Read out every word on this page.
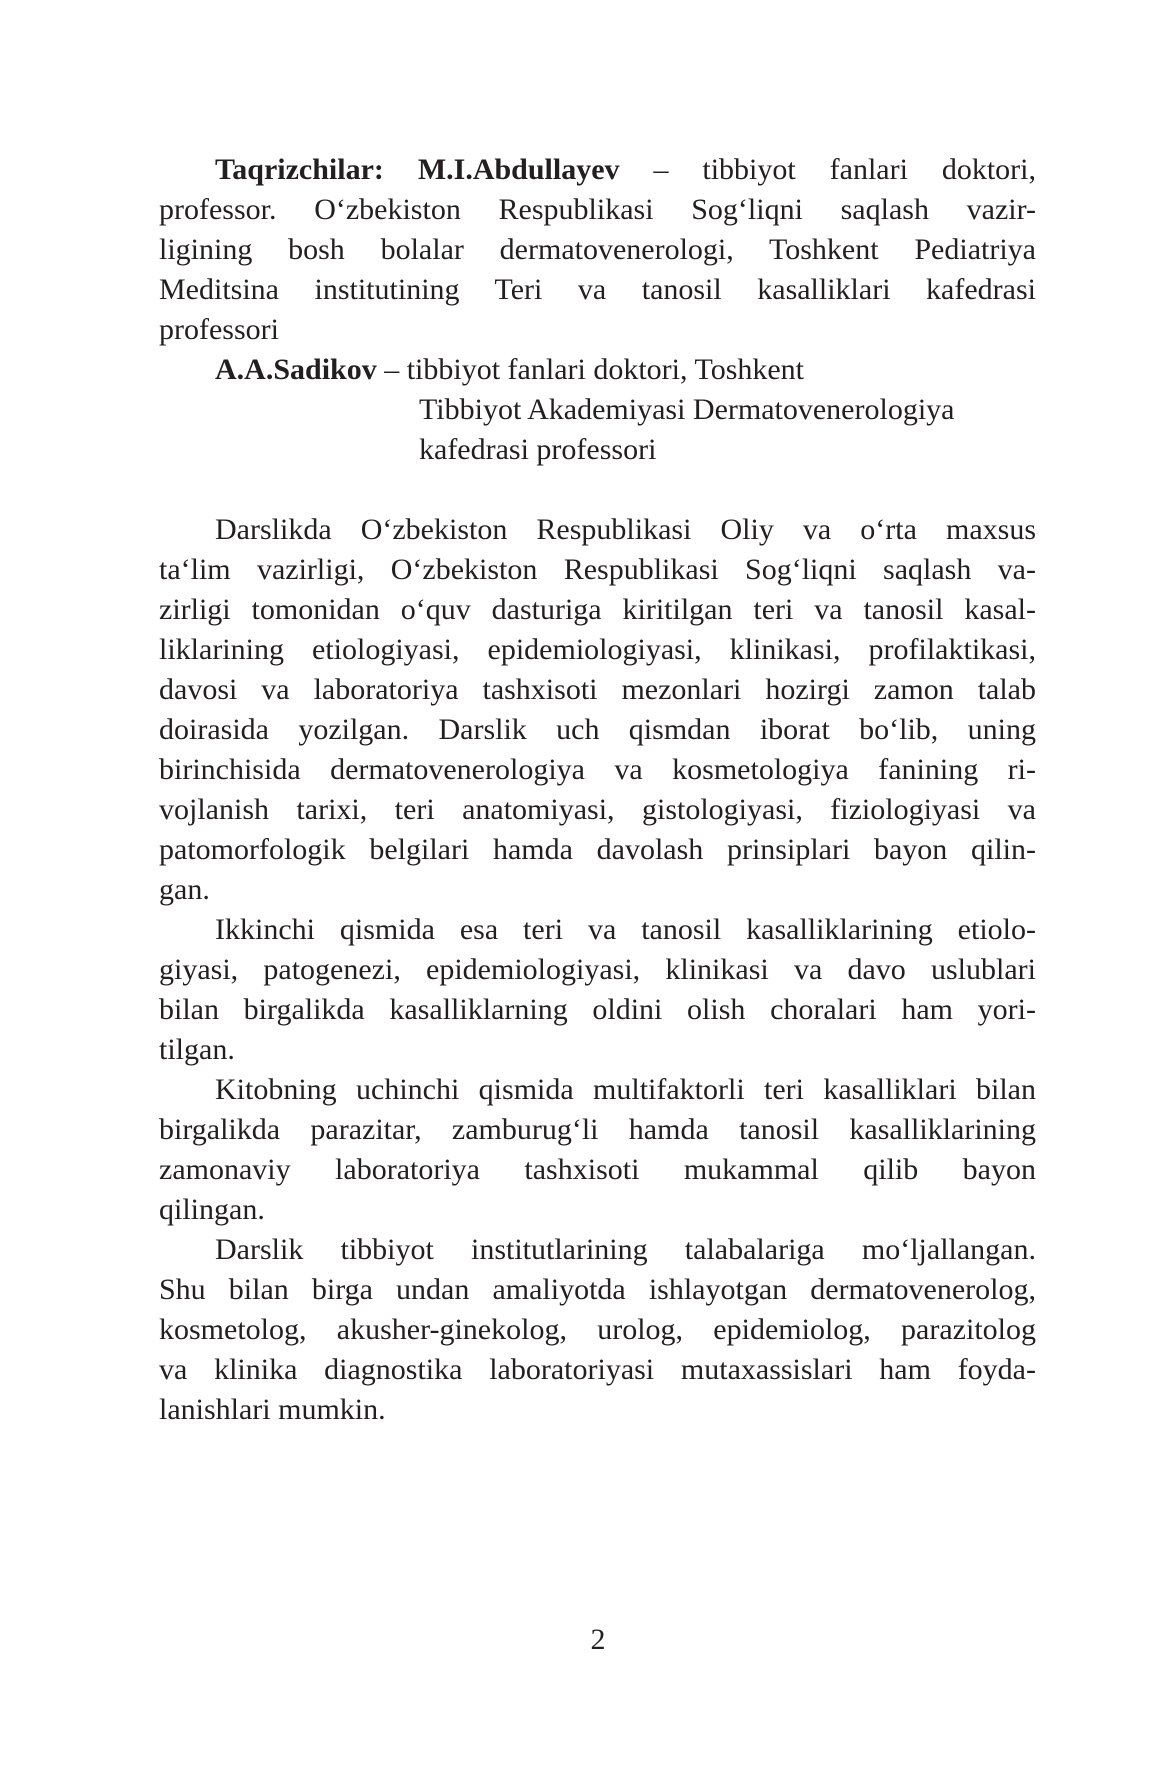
Taqrizchilar: M.I.Abdullayev – tibbiyot fanlari doktori,
professor. O‘zbekiston Respublikasi Sog‘liqni saqlash vazir-
ligining bosh bolalar dermatovenerologi, Toshkent Pediatriya
Meditsina institutining Teri va tanosil kasalliklari kafedrasi
professori
A.A.Sadikov – tibbiyot fanlari doktori, Toshkent
Tibbiyot Akademiyasi Dermatovenerologiya
kafedrasi professori
Darslikda O‘zbekiston Respublikasi Oliy va o‘rta maxsus
ta‘lim vazirligi, O‘zbekiston Respublikasi Sog‘liqni saqlash va-
zirligi tomonidan o‘quv dasturiga kiritilgan teri va tanosil kasal-
liklarining etiologiyasi, epidemiologiyasi, klinikasi, profilaktikasi,
davosi va laboratoriya tashxisoti mezonlari hozirgi zamon talab
doirasida yozilgan. Darslik uch qismdan iborat bo‘lib, uning
birinchisida dermatovenerologiya va kosmetologiya fanining ri-
vojlanish tarixi, teri anatomiyasi, gistologiyasi, fiziologiyasi va
patomorfologik belgilari hamda davolash prinsiplari bayon qilin-
gan.
Ikkinchi qismida esa teri va tanosil kasalliklarining etiolo-
giyasi, patogenezi, epidemiologiyasi, klinikasi va davo uslublari
bilan birgalikda kasalliklarning oldini olish choralari ham yori-
tilgan.
Kitobning uchinchi qismida multifaktorli teri kasalliklari bilan
birgalikda parazitar, zamburug‘li hamda tanosil kasalliklarining
zamonaviy laboratoriya tashxisoti mukammal qilib bayon
qilingan.
Darslik tibbiyot institutlarining talabalariga mo‘ljallangan.
Shu bilan birga undan amaliyotda ishlayotgan dermatovenerolog,
kosmetolog, akusher-ginekolog, urolog, epidemiolog, parazitolog
va klinika diagnostika laboratoriyasi mutaxassislari ham foyda-
lanishlari mumkin.
2
